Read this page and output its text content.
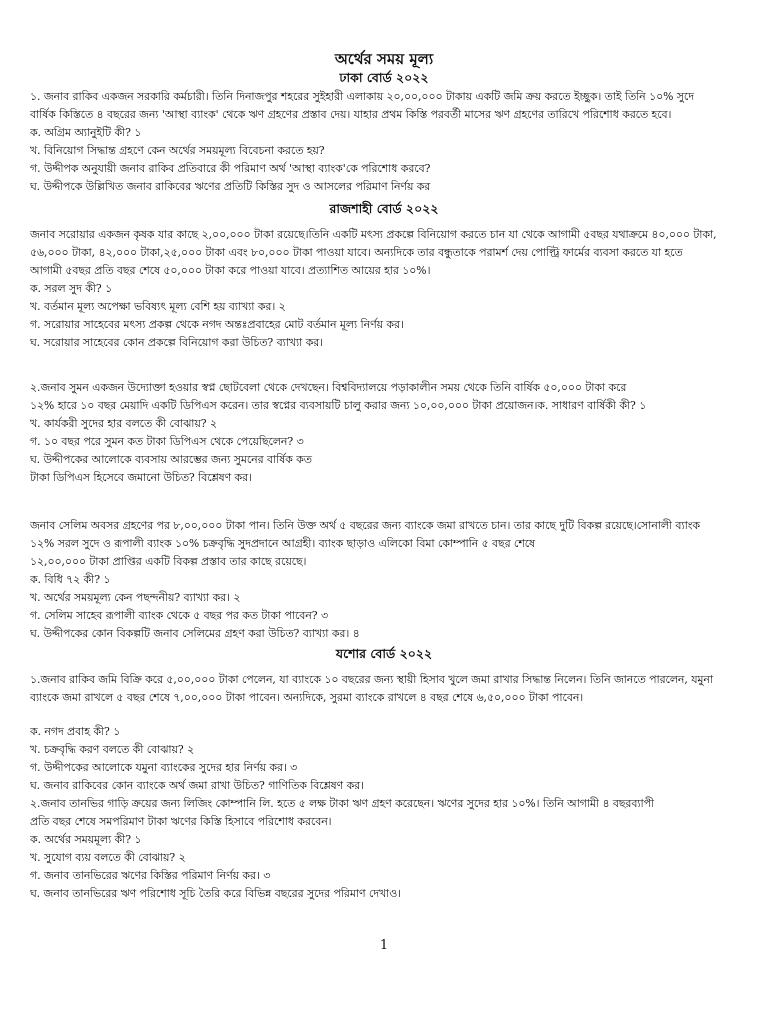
অর্থের সময় মূল্য
ঢাকা বোর্ড ২০২২
১. জনাব রাকিব একজন সরকারি কর্মচারী। তিনি দিনাজপুর শহরের সুইহারী এলাকায় ২০,০০,০০০ টাকায় একটি জমি ক্রয় করতে ইচ্ছুক। তাই তিনি ১০% সুদে
বার্ষিক কিস্তিতে ৪ বছরের জন্য 'আস্থা ব্যাংক' থেকে ঋণ গ্রহণের প্রস্তাব দেয়। যাহার প্রথম কিস্তি পরবর্তী মাসের ঋণ গ্রহণের তারিখে পরিশোধ করতে হবে।
ক. অগ্রিম অ্যানুইটি কী? ১
খ. বিনিয়োগ সিদ্ধান্ত গ্রহণে কেন অর্থের সময়মূল্য বিবেচনা করতে হয়?
গ. উদ্দীপক অনুযায়ী জনাব রাকিব প্রতিবারে কী পরিমাণ অর্থ 'আস্থা ব্যাংক'কে পরিশোধ করবে?
ঘ. উদ্দীপকে উল্লিখিত জনাব রাকিবের ঋণের প্রতিটি কিস্তির সুদ ও আসলের পরিমাণ নির্ণয় কর
রাজশাহী বোর্ড ২০২২
জনাব সরোয়ার একজন কৃষক যার কাছে ২,০০,০০০ টাকা রয়েছে।তিনি একটি মৎস্য প্রকল্পে বিনিয়োগ করতে চান যা থেকে আগামী ৫বছর যথাক্রমে ৪০,০০০ টাকা,
৫৬,০০০ টাকা, ৪২,০০০ টাকা,২৫,০০০ টাকা এবং ৮০,০০০ টাকা পাওয়া যাবে। অন্যদিকে তার বন্ধুতাকে পরামর্শ দেয় পোল্ট্রি ফার্মের ব্যবসা করতে যা হতে
আগামী ৫বছর প্রতি বছর শেষে ৫০,০০০ টাকা করে পাওয়া যাবে। প্রত্যাশিত আয়ের হার ১০%।
ক. সরল সুদ কী? ১
খ. বর্তমান মূল্য অপেক্ষা ভবিষ্যৎ মূল্য বেশি হয় ব্যাখ্যা কর। ২
গ. সরোয়ার সাহেবের মৎস্য প্রকল্প থেকে নগদ অন্তঃপ্রবাহের মোট বর্তমান মূল্য নির্ণয় কর।
ঘ. সরোয়ার সাহেবের কোন প্রকল্পে বিনিয়োগ করা উচিত? ব্যাখ্যা কর।
২.জনাব সুমন একজন উদ্যোক্তা হওয়ার স্বপ্ন ছোটবেলা থেকে দেখছেন। বিশ্ববিদ্যালয়ে পড়াকালীন সময় থেকে তিনি বার্ষিক ৫০,০০০ টাকা করে
১২% হারে ১০ বছর মেয়াদি একটি ডিপিএস করেন। তার স্বপ্নের ব্যবসায়টি চালু করার জন্য ১০,০০,০০০ টাকা প্রয়োজন।ক. সাধারণ বার্ষিকী কী? ১
খ. কার্যকরী সুদের হার বলতে কী বোঝায়? ২
গ. ১০ বছর পরে সুমন কত টাকা ডিপিএস থেকে পেয়েছিলেন? ৩
ঘ. উদ্দীপকের আলোকে ব্যবসায় আরম্ভের জন্য সুমনের বার্ষিক কত
টাকা ডিপিএস হিসেবে জমানো উচিত? বিশ্লেষণ কর।
জনাব সেলিম অবসর গ্রহণের পর ৮,০০,০০০ টাকা পান। তিনি উক্ত অর্থ ৫ বছরের জন্য ব্যাংকে জমা রাখতে চান। তার কাছে দুটি বিকল্প রয়েছে।সোনালী ব্যাংক
১২% সরল সুদে ও রূপালী ব্যাংক ১০% চক্রবৃদ্ধি সুদপ্রদানে আগ্রহী। ব্যাংক ছাড়াও এলিকো বিমা কোম্পানি ৫ বছর শেষে
১২,০০,০০০ টাকা প্রাপ্তির একটি বিকল্প প্রস্তাব তার কাছে রয়েছে।
ক. বিধি ৭২ কী? ১
খ. অর্থের সময়মূল্য কেন পছন্দনীয়? ব্যাখ্যা কর। ২
গ. সেলিম সাহেব রূপালী ব্যাংক থেকে ৫ বছর পর কত টাকা পাবেন? ৩
ঘ. উদ্দীপকের কোন বিকল্পটি জনাব সেলিমের গ্রহণ করা উচিত? ব্যাখ্যা কর। ৪
যশোর বোর্ড ২০২২
১.জনাব রাকিব জমি বিক্রি করে ৫,০০,০০০ টাকা পেলেন, যা ব্যাংকে ১০ বছরের জন্য স্থায়ী হিসাব খুলে জমা রাখার সিদ্ধান্ত নিলেন। তিনি জানতে পারলেন, যমুনা
ব্যাংকে জমা রাখলে ৫ বছর শেষে ৭,০০,০০০ টাকা পাবেন। অন্যদিকে, সুরমা ব্যাংকে রাখলে ৪ বছর শেষে ৬,৫০,০০০ টাকা পাবেন।
ক. নগদ প্রবাহ কী? ১
খ. চক্রবৃদ্ধি করণ বলতে কী বোঝায়? ২
গ. উদ্দীপকের আলোকে যমুনা ব্যাংকের সুদের হার নির্ণয় কর। ৩
ঘ. জনাব রাকিবের কোন ব্যাংকে অর্থ জমা রাখা উচিত? গাণিতিক বিশ্লেষণ কর।
২.জনাব তানভির গাড়ি ক্রয়ের জন্য লিজিং কোম্পানি লি. হতে ৫ লক্ষ টাকা ঋণ গ্রহণ করেছেন। ঋণের সুদের হার ১০%। তিনি আগামী ৪ বছরব্যাপী
প্রতি বছর শেষে সমপরিমাণ টাকা ঋণের কিস্তি হিসাবে পরিশোধ করবেন।
ক. অর্থের সময়মূল্য কী? ১
খ. সুযোগ ব্যয় বলতে কী বোঝায়? ২
গ. জনাব তানভিরের ঋণের কিস্তির পরিমাণ নির্ণয় কর। ৩
ঘ. জনাব তানভিরের ঋণ পরিশোধ সূচি তৈরি করে বিভিন্ন বছরের সুদের পরিমাণ দেখাও।
1
